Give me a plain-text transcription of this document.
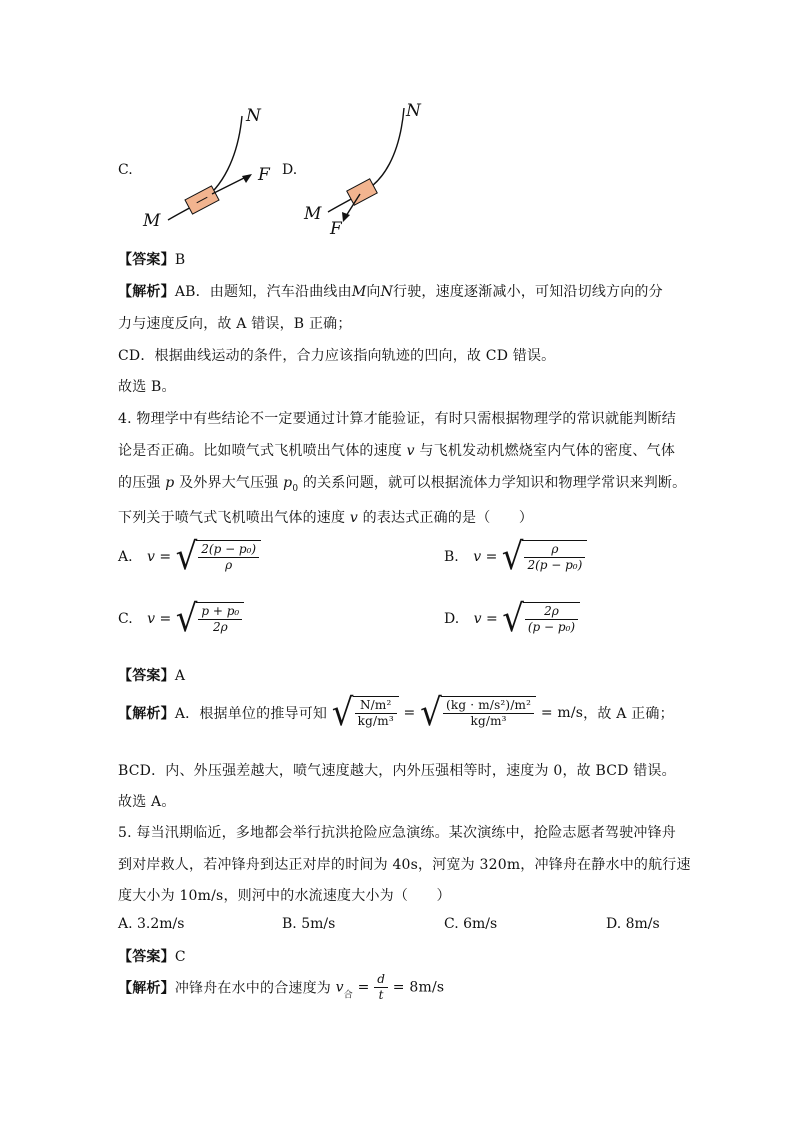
C.
N
F
M
D.
N
M
F
【答案】B
【解析】AB．由题知，汽车沿曲线由M向N行驶，速度逐渐减小，可知沿切线方向的分
力与速度反向，故 A 错误，B 正确；
CD．根据曲线运动的条件，合力应该指向轨迹的凹向，故 CD 错误。
故选 B。
4. 物理学中有些结论不一定要通过计算才能验证，有时只需根据物理学的常识就能判断结
论是否正确。比如喷气式飞机喷出气体的速度 v 与飞机发动机燃烧室内气体的密度、气体
的压强 p 及外界大气压强 $p_0$ 的关系问题，就可以根据流体力学知识和物理学常识来判断。
下列关于喷气式飞机喷出气体的速度 v 的表达式正确的是（　　）
A. v = √ $\frac{\text{2(p − p₀)}}{\rho}$	B. v = √ $\frac{\rho}{\text{2(p − p₀)}}$
C. v = √ $\frac{\text{p + p₀}}{2\rho}$	D. v = √ $\frac{2\rho}{\text{(p − p₀)}}$
【答案】A
【解析】A．根据单位的推导可知 √ $\frac{\text{N/m²}}{\text{kg/m³}}$ = √ $\frac{\text{(kg · m/s²)/m²}}{\text{kg/m³}} = m/s$，故 A 正确；
BCD．内、外压强差越大，喷气速度越大，内外压强相等时，速度为 0，故 BCD 错误。
故选 A。
5. 每当汛期临近，多地都会举行抗洪抢险应急演练。某次演练中，抢险志愿者驾驶冲锋舟
到对岸救人，若冲锋舟到达正对岸的时间为 40s，河宽为 320m，冲锋舟在静水中的航行速
度大小为 10m/s，则河中的水流速度大小为（　　）
A. 3.2m/s	B. 5m/s	C. 6m/s	D. 8m/s
【答案】C
【解析】冲锋舟在水中的合速度为 $v_合 = \frac{d}{t} = 8m/s$
